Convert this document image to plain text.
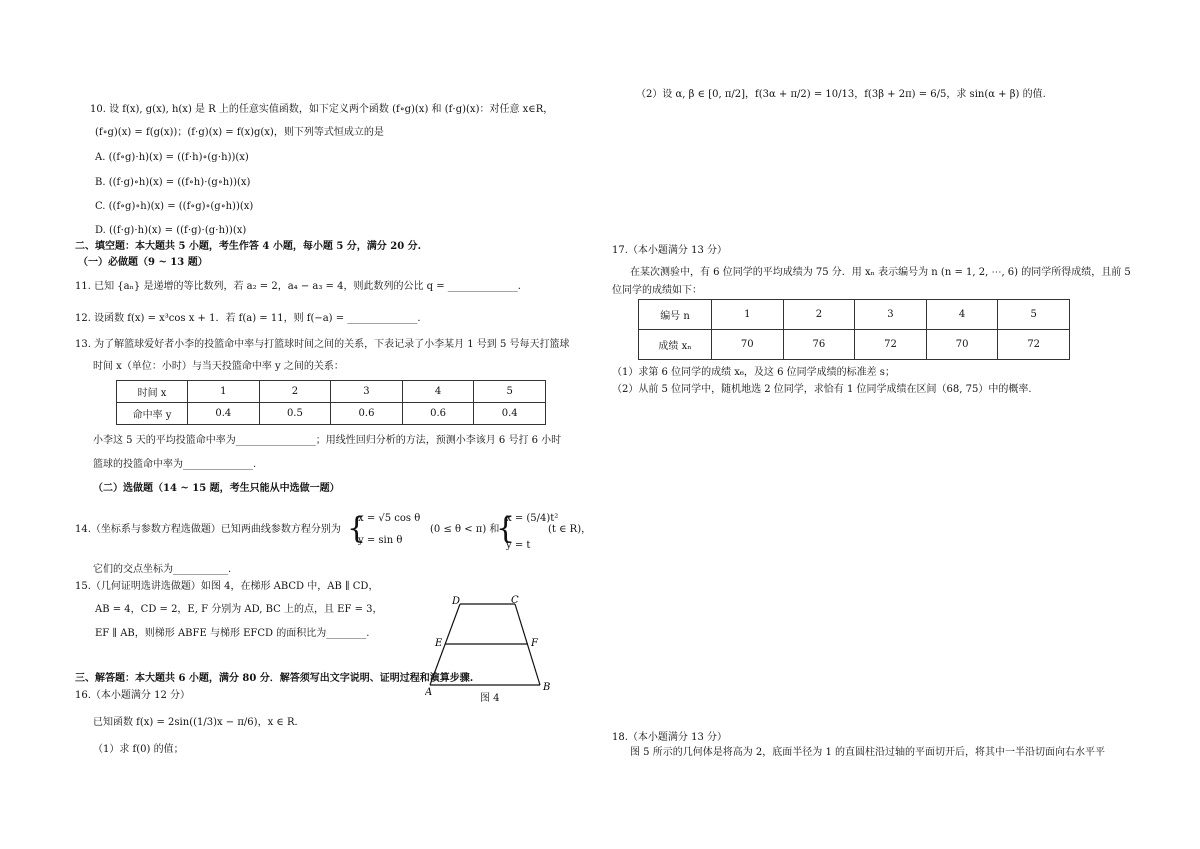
10. 设 f(x), g(x), h(x) 是 R 上的任意实值函数，如下定义两个函数 (f∘g)(x) 和 (f⋅g)(x)：对任意 x∈R，
(f∘g)(x) = f(g(x))；(f⋅g)(x) = f(x)g(x)，则下列等式恒成立的是
A. ((f∘g)⋅h)(x) = ((f⋅h)∘(g⋅h))(x)
B. ((f⋅g)∘h)(x) = ((f∘h)⋅(g∘h))(x)
C. ((f∘g)∘h)(x) = ((f∘g)∘(g∘h))(x)
D. ((f⋅g)⋅h)(x) = ((f⋅g)⋅(g⋅h))(x)
二、填空题：本大题共 5 小题，考生作答 4 小题，每小题 5 分，满分 20 分.
（一）必做题（9 ~ 13 题）
11. 已知 {aₙ} 是递增的等比数列，若 a₂ = 2，a₄ − a₃ = 4，则此数列的公比 q = ______________.
12. 设函数 f(x) = x³cos x + 1．若 f(a) = 11，则 f(−a) = ______________.
13. 为了解篮球爱好者小李的投篮命中率与打篮球时间之间的关系，下表记录了小李某月 1 号到 5 号每天打篮球
时间 x（单位：小时）与当天投篮命中率 y 之间的关系：
时间 x	1	2	3	4	5
命中率 y	0.4	0.5	0.6	0.6	0.4
小李这 5 天的平均投篮命中率为________________；用线性回归分析的方法，预测小李该月 6 号打 6 小时
篮球的投篮命中率为______________.
（二）选做题（14 ~ 15 题，考生只能从中选做一题）
14.（坐标系与参数方程选做题）已知两曲线参数方程分别为 {
x = √5 cos θ
y = sin θ
(0 ≤ θ < π) 和
{
x = (5/4)t²
y = t
(t ∈ R)，
它们的交点坐标为___________.
15.（几何证明选讲选做题）如图 4，在梯形 ABCD 中，AB ∥ CD，
AB = 4，CD = 2，E, F 分别为 AD, BC 上的点，且 EF = 3，
EF ∥ AB，则梯形 ABFE 与梯形 EFCD 的面积比为________.
D	C
E	F
A	B
图 4
三、解答题：本大题共 6 小题，满分 80 分．解答须写出文字说明、证明过程和演算步骤.
16.（本小题满分 12 分）
已知函数 f(x) = 2sin((1/3)x − π/6)，x ∈ R．
（1）求 f(0) 的值；
（2）设 α, β ∈ [0, π/2]，f(3α + π/2) = 10/13，f(3β + 2π) = 6/5，求 sin(α + β) 的值.
17.（本小题满分 13 分）
在某次测验中，有 6 位同学的平均成绩为 75 分．用 xₙ 表示编号为 n (n = 1, 2, ⋯, 6) 的同学所得成绩，且前 5
位同学的成绩如下：
编号 n	1	2	3	4	5
成绩 xₙ	70	76	72	70	72
（1）求第 6 位同学的成绩 x₆，及这 6 位同学成绩的标准差 s；
（2）从前 5 位同学中，随机地选 2 位同学，求恰有 1 位同学成绩在区间（68, 75）中的概率.
18.（本小题满分 13 分）
图 5 所示的几何体是将高为 2，底面半径为 1 的直圆柱沿过轴的平面切开后，将其中一半沿切面向右水平平
